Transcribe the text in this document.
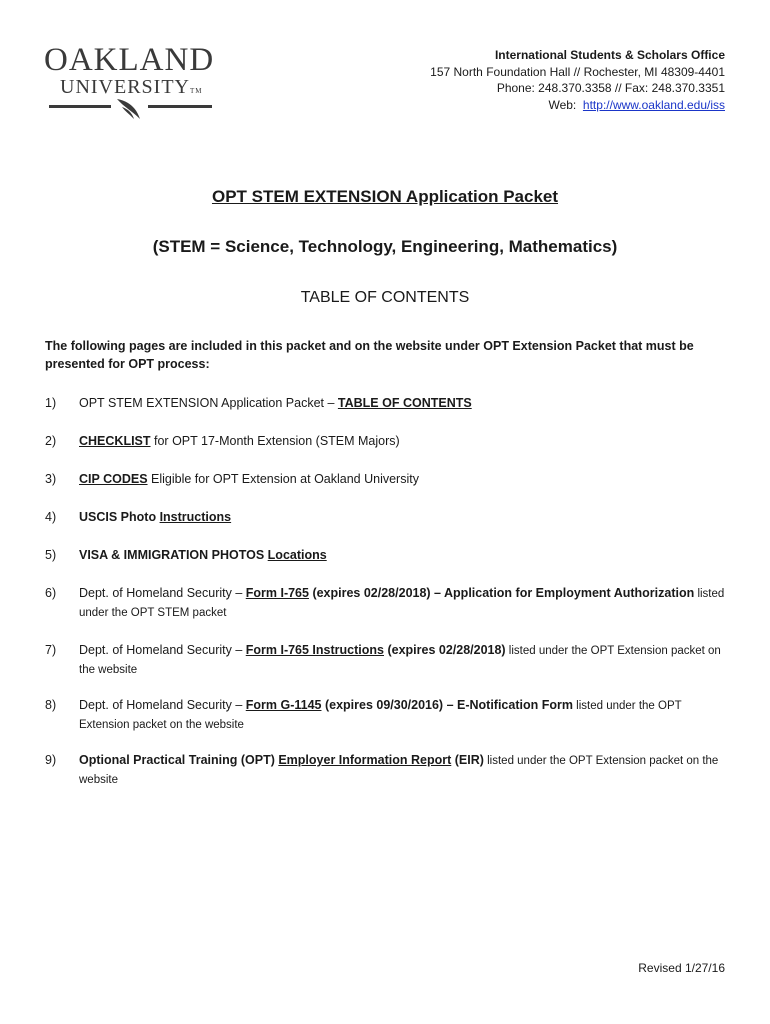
OAKLAND
UNIVERSITYTM
International Students & Scholars Office
157 North Foundation Hall // Rochester, MI 48309-4401
Phone: 248.370.3358 // Fax: 248.370.3351
Web: http://www.oakland.edu/iss
OPT STEM EXTENSION Application Packet
(STEM = Science, Technology, Engineering, Mathematics)
TABLE OF CONTENTS
The following pages are included in this packet and on the website under OPT Extension Packet that must be presented for OPT process:
1) OPT STEM EXTENSION Application Packet – TABLE OF CONTENTS
2) CHECKLIST for OPT 17-Month Extension (STEM Majors)
3) CIP CODES Eligible for OPT Extension at Oakland University
4) USCIS Photo Instructions
5) VISA & IMMIGRATION PHOTOS Locations
6) Dept. of Homeland Security – Form I-765 (expires 02/28/2018) – Application for Employment Authorization listed under the OPT STEM packet
7) Dept. of Homeland Security – Form I-765 Instructions (expires 02/28/2018) listed under the OPT Extension packet on the website
8) Dept. of Homeland Security – Form G-1145 (expires 09/30/2016) – E-Notification Form listed under the OPT Extension packet on the website
9) Optional Practical Training (OPT) Employer Information Report (EIR) listed under the OPT Extension packet on the website
Revised 1/27/16
